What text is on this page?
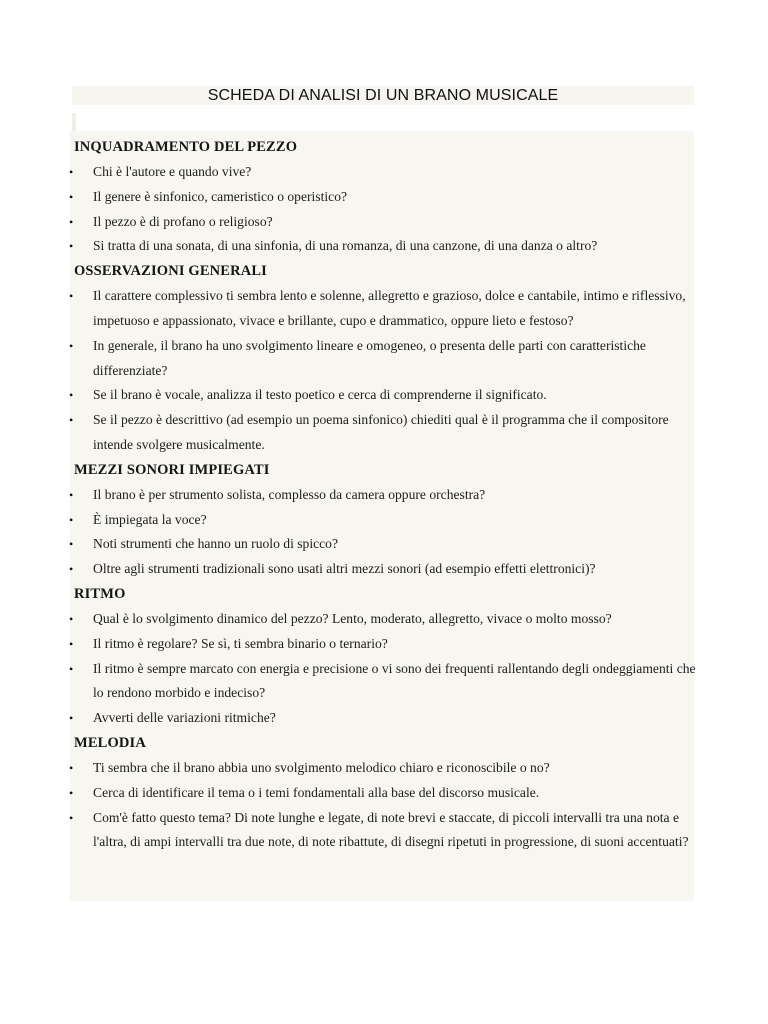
SCHEDA DI ANALISI DI UN BRANO MUSICALE
INQUADRAMENTO DEL PEZZO
• Chi è l'autore e quando vive?
• Il genere è sinfonico, cameristico o operistico?
• Il pezzo è di profano o religioso?
• Si tratta di una sonata, di una sinfonia, di una romanza, di una canzone, di una danza o altro?
OSSERVAZIONI GENERALI
• Il carattere complessivo ti sembra lento e solenne, allegretto e grazioso, dolce e cantabile, intimo e riflessivo, impetuoso e appassionato, vivace e brillante, cupo e drammatico, oppure lieto e festoso?
• In generale, il brano ha uno svolgimento lineare e omogeneo, o presenta delle parti con caratteristiche differenziate?
• Se il brano è vocale, analizza il testo poetico e cerca di comprenderne il significato.
• Se il pezzo è descrittivo (ad esempio un poema sinfonico) chiediti qual è il programma che il compositore intende svolgere musicalmente.
MEZZI SONORI IMPIEGATI
• Il brano è per strumento solista, complesso da camera oppure orchestra?
• È impiegata la voce?
• Noti strumenti che hanno un ruolo di spicco?
• Oltre agli strumenti tradizionali sono usati altri mezzi sonori (ad esempio effetti elettronici)?
RITMO
• Qual è lo svolgimento dinamico del pezzo? Lento, moderato, allegretto, vivace o molto mosso?
• Il ritmo è regolare? Se sì, ti sembra binario o ternario?
• Il ritmo è sempre marcato con energia e precisione o vi sono dei frequenti rallentando degli ondeggiamenti che lo rendono morbido e indeciso?
• Avverti delle variazioni ritmiche?
MELODIA
• Ti sembra che il brano abbia uno svolgimento melodico chiaro e riconoscibile o no?
• Cerca di identificare il tema o i temi fondamentali alla base del discorso musicale.
• Com'è fatto questo tema? Di note lunghe e legate, di note brevi e staccate, di piccoli intervalli tra una nota e l'altra, di ampi intervalli tra due note, di note ribattute, di disegni ripetuti in progressione, di suoni accentuati?
